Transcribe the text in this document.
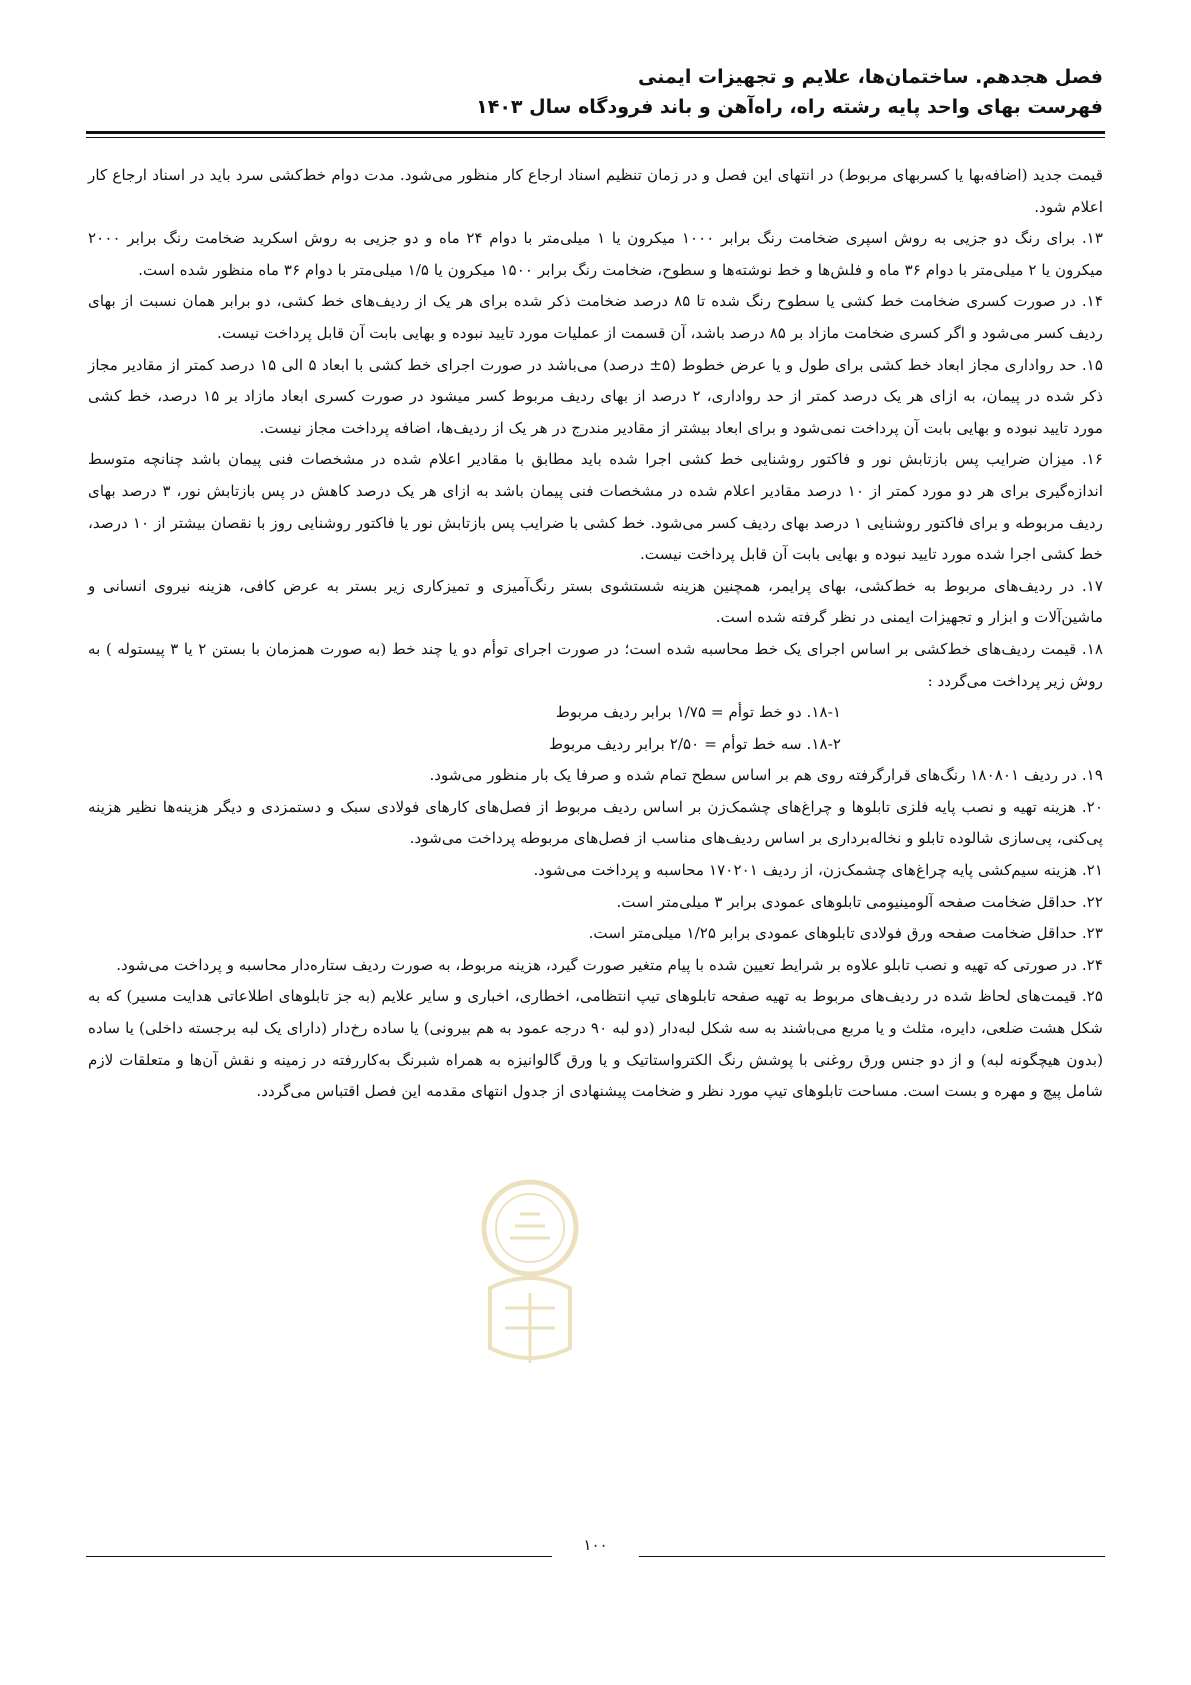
فصل هجدهم. ساختمان‌ها، علایم و تجهیزات ایمنی
فهرست بهای واحد پایه رشته راه، راه‌آهن و باند فرودگاه سال ۱۴۰۳

قیمت جدید (اضافه‌بها یا کسربهای مربوط) در انتهای این فصل و در زمان تنظیم اسناد ارجاع کار منظور می‌شود. مدت دوام خط‌کشی سرد باید در اسناد ارجاع کار اعلام شود.

۱۳. برای رنگ دو جزیی به روش اسپری ضخامت رنگ برابر ۱۰۰۰ میکرون یا ۱ میلی‌متر با دوام ۲۴ ماه و دو جزیی به روش اسکرید ضخامت رنگ برابر ۲۰۰۰ میکرون یا ۲ میلی‌متر با دوام ۳۶ ماه و فلش‌ها و خط نوشته‌ها و سطوح، ضخامت رنگ برابر ۱۵۰۰ میکرون یا ۱/۵ میلی‌متر با دوام ۳۶ ماه منظور شده است.

۱۴. در صورت کسری ضخامت خط کشی یا سطوح رنگ شده تا ۸۵ درصد ضخامت ذکر شده برای هر یک از ردیف‌های خط کشی، دو برابر همان نسبت از بهای ردیف کسر می‌شود و اگر کسری ضخامت مازاد بر ۸۵ درصد باشد، آن قسمت از عملیات مورد تایید نبوده و بهایی بابت آن قابل پرداخت نیست.

۱۵. حد رواداری مجاز ابعاد خط کشی برای طول و یا عرض خطوط (۵± درصد) می‌باشد در صورت اجرای خط کشی با ابعاد ۵ الی ۱۵ درصد کمتر از مقادیر مجاز ذکر شده در پیمان، به ازای هر یک درصد کمتر از حد رواداری، ۲ درصد از بهای ردیف مربوط کسر میشود در صورت کسری ابعاد مازاد بر ۱۵ درصد، خط کشی مورد تایید نبوده و بهایی بابت آن پرداخت نمی‌شود و برای ابعاد بیشتر از مقادیر مندرج در هر یک از ردیف‌ها، اضافه پرداخت مجاز نیست.

۱۶. میزان ضرایب پس بازتابش نور و فاکتور روشنایی خط کشی اجرا شده باید مطابق با مقادیر اعلام شده در مشخصات فنی پیمان باشد چنانچه متوسط اندازه‌گیری برای هر دو مورد کمتر از ۱۰ درصد مقادیر اعلام شده در مشخصات فنی پیمان باشد به ازای هر یک درصد کاهش در پس بازتابش نور، ۳ درصد بهای ردیف مربوطه و برای فاکتور روشنایی ۱ درصد بهای ردیف کسر می‌شود. خط کشی با ضرایب پس بازتابش نور یا فاکتور روشنایی روز با نقصان بیشتر از ۱۰ درصد، خط کشی اجرا شده مورد تایید نبوده و بهایی بابت آن قابل پرداخت نیست.

۱۷. در ردیف‌های مربوط به خط‌کشی، بهای پرایمر، همچنین هزینه شستشوی بستر رنگ‌آمیزی و تمیزکاری زیر بستر به عرض کافی، هزینه نیروی انسانی و ماشین‌آلات و ابزار و تجهیزات ایمنی در نظر گرفته شده است.

۱۸. قیمت ردیف‌های خط‌کشی بر اساس اجرای یک خط محاسبه شده است؛ در صورت اجرای توأم دو یا چند خط (به صورت همزمان با بستن ۲ یا ۳ پیستوله ) به روش زیر پرداخت می‌گردد :

۱۸-۱. دو خط توأم = ۱/۷۵ برابر ردیف مربوط

۱۸-۲. سه خط توأم = ۲/۵۰ برابر ردیف مربوط

۱۹. در ردیف ۱۸۰۸۰۱ رنگ‌های قرارگرفته روی هم بر اساس سطح تمام شده و صرفا یک بار منظور می‌شود.

۲۰. هزینه تهیه و نصب پایه فلزی تابلوها و چراغ‌های چشمک‌زن بر اساس ردیف مربوط از فصل‌های کارهای فولادی سبک و دستمزدی و دیگر هزینه‌ها نظیر هزینه پی‌کنی، پی‌سازی شالوده تابلو و نخاله‌برداری بر اساس ردیف‌های مناسب از فصل‌های مربوطه پرداخت می‌شود.

۲۱. هزینه سیم‌کشی پایه چراغ‌های چشمک‌زن، از ردیف ۱۷۰۲۰۱ محاسبه و پرداخت می‌شود.

۲۲. حداقل ضخامت صفحه آلومینیومی تابلوهای عمودی برابر ۳ میلی‌متر است.

۲۳. حداقل ضخامت صفحه ورق فولادی تابلوهای عمودی برابر ۱/۲۵ میلی‌متر است.

۲۴. در صورتی که تهیه و نصب تابلو علاوه بر شرایط تعیین شده با پیام متغیر صورت گیرد، هزینه مربوط، به صورت ردیف ستاره‌دار محاسبه و پرداخت می‌شود.

۲۵. قیمت‌های لحاظ شده در ردیف‌های مربوط به تهیه صفحه تابلوهای تیپ انتظامی، اخطاری، اخباری و سایر علایم (به جز تابلوهای اطلاعاتی هدایت مسیر) که به شکل هشت ضلعی، دایره، مثلث و یا مربع می‌باشند به سه شکل لبه‌دار (دو لبه ۹۰ درجه عمود به هم بیرونی) یا ساده رخ‌دار (دارای یک لبه برجسته داخلی) یا ساده (بدون هیچگونه لبه) و از دو جنس ورق روغنی با پوشش رنگ الکترواستاتیک و یا ورق گالوانیزه به همراه شبرنگ به‌کاررفته در زمینه و نقش آن‌ها و متعلقات لازم شامل پیچ و مهره و بست است. مساحت تابلوهای تیپ مورد نظر و ضخامت پیشنهادی از جدول انتهای مقدمه این فصل اقتباس می‌گردد.

۱۰۰
